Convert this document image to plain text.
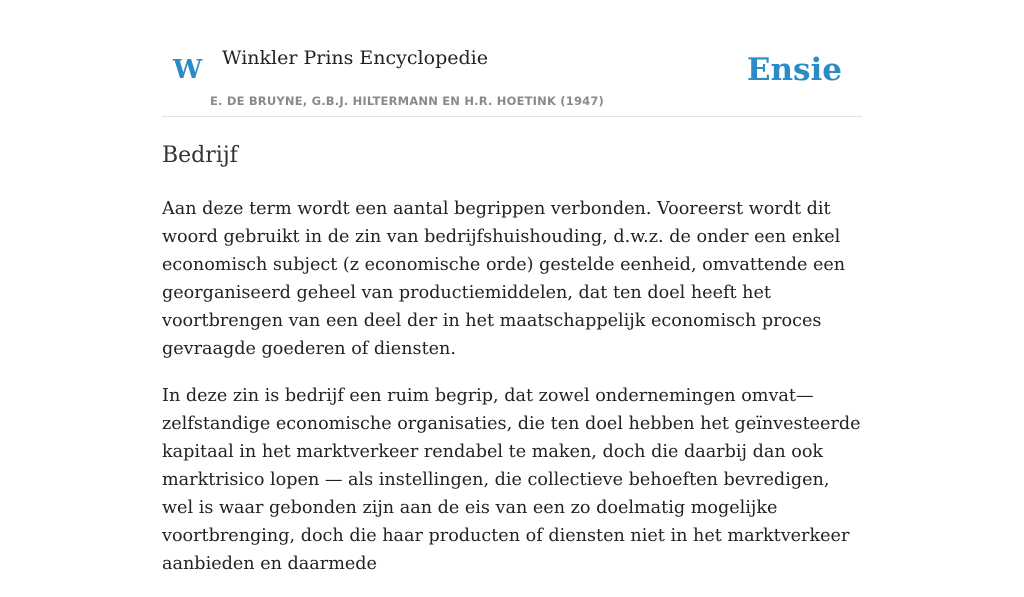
W Winkler Prins Encyclopedie
E. DE BRUYNE, G.B.J. HILTERMANN EN H.R. HOETINK (1947)
Ensie
Bedrijf

Aan deze term wordt een aantal begrippen verbonden. Vooreerst wordt dit woord gebruikt in de zin van bedrijfshuishouding, d.w.z. de onder een enkel economisch subject (z economische orde) gestelde eenheid, omvattende een georganiseerd geheel van productiemiddelen, dat ten doel heeft het voortbrengen van een deel der in het maatschappelijk economisch proces gevraagde goederen of diensten.

In deze zin is bedrijf een ruim begrip, dat zowel ondernemingen omvat— zelfstandige economische organisaties, die ten doel hebben het geïnvesteerde kapitaal in het marktverkeer rendabel te maken, doch die daarbij dan ook marktrisico lopen — als instellingen, die collectieve behoeften bevredigen, wel is waar gebonden zijn aan de eis van een zo doelmatig mogelijke voortbrenging, doch die haar producten of diensten niet in het marktverkeer aanbieden en daarmede
